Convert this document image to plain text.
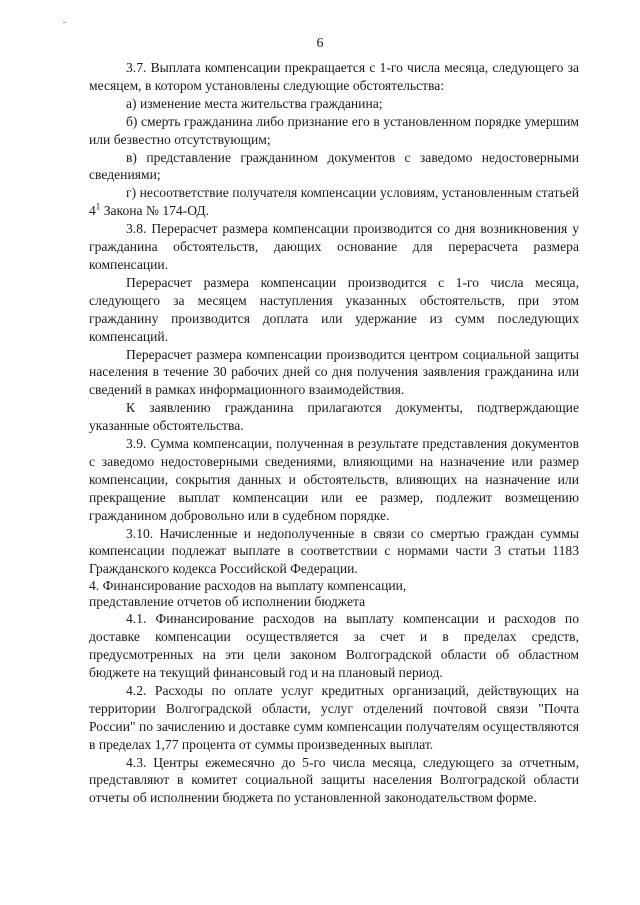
6

3.7. Выплата компенсации прекращается с 1-го числа месяца, следующего за месяцем, в котором установлены следующие обстоятельства:

а) изменение места жительства гражданина;

б) смерть гражданина либо признание его в установленном порядке умершим или безвестно отсутствующим;

в) представление гражданином документов с заведомо недостоверными сведениями;

г) несоответствие получателя компенсации условиям, установленным статьей $4^1$ Закона № 174-ОД.

3.8. Перерасчет размера компенсации производится со дня возникновения у гражданина обстоятельств, дающих основание для перерасчета размера компенсации.

Перерасчет размера компенсации производится с 1-го числа месяца, следующего за месяцем наступления указанных обстоятельств, при этом гражданину производится доплата или удержание из сумм последующих компенсаций.

Перерасчет размера компенсации производится центром социальной защиты населения в течение 30 рабочих дней со дня получения заявления гражданина или сведений в рамках информационного взаимодействия.

К заявлению гражданина прилагаются документы, подтверждающие указанные обстоятельства.

3.9. Сумма компенсации, полученная в результате представления документов с заведомо недостоверными сведениями, влияющими на назначение или размер компенсации, сокрытия данных и обстоятельств, влияющих на назначение или прекращение выплат компенсации или ее размер, подлежит возмещению гражданином добровольно или в судебном порядке.

3.10. Начисленные и недополученные в связи со смертью граждан суммы компенсации подлежат выплате в соответствии с нормами части 3 статьи 1183 Гражданского кодекса Российской Федерации.

4. Финансирование расходов на выплату компенсации,
представление отчетов об исполнении бюджета

4.1. Финансирование расходов на выплату компенсации и расходов по доставке компенсации осуществляется за счет и в пределах средств, предусмотренных на эти цели законом Волгоградской области об областном бюджете на текущий финансовый год и на плановый период.

4.2. Расходы по оплате услуг кредитных организаций, действующих на территории Волгоградской области, услуг отделений почтовой связи "Почта России" по зачислению и доставке сумм компенсации получателям осуществляются в пределах 1,77 процента от суммы произведенных выплат.

4.3. Центры ежемесячно до 5-го числа месяца, следующего за отчетным, представляют в комитет социальной защиты населения Волгоградской области отчеты об исполнении бюджета по установленной законодательством форме.
